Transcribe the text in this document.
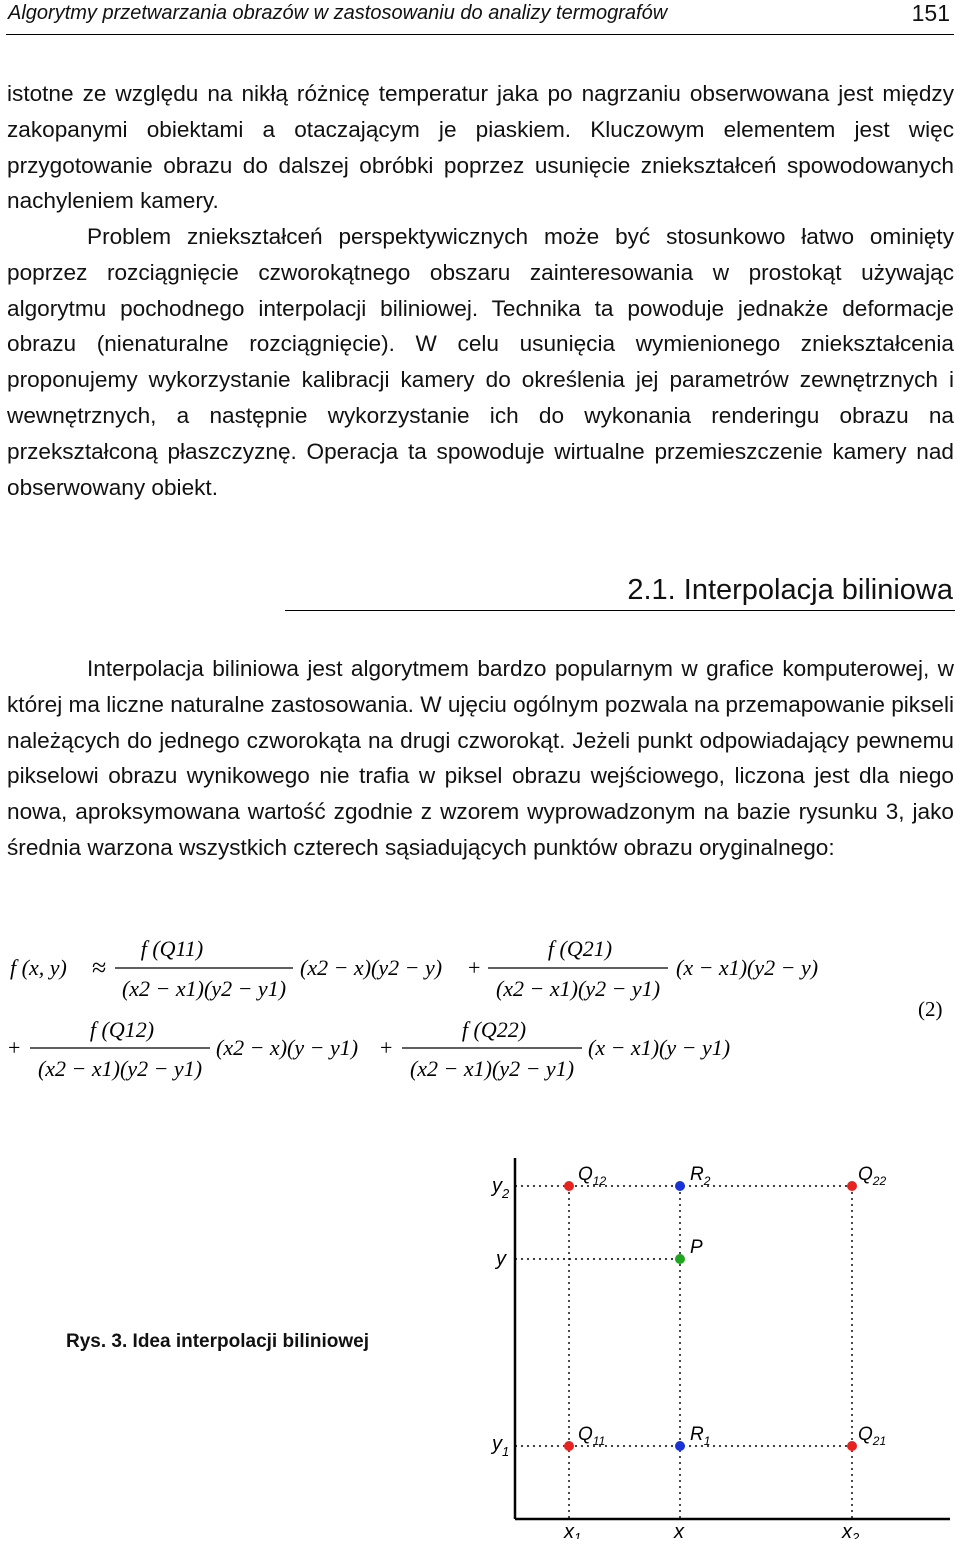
Algorytmy przetwarzania obrazów w zastosowaniu do analizy termografów	151

istotne ze względu na nikłą różnicę temperatur jaka po nagrzaniu obserwowana jest między zakopanymi obiektami a otaczającym je piaskiem. Kluczowym elementem jest więc przygotowanie obrazu do dalszej obróbki poprzez usunięcie zniekształceń spowodowanych nachyleniem kamery.

Problem zniekształceń perspektywicznych może być stosunkowo łatwo ominięty poprzez rozciągnięcie czworokątnego obszaru zainteresowania w prostokąt używając algorytmu pochodnego interpolacji biliniowej. Technika ta powoduje jednakże deformacje obrazu (nienaturalne rozciągnięcie). W celu usunięcia wymienionego zniekształcenia proponujemy wykorzystanie kalibracji kamery do określenia jej parametrów zewnętrznych i wewnętrznych, a następnie wykorzystanie ich do wykonania renderingu obrazu na przekształconą płaszczyznę. Operacja ta spowoduje wirtualne przemieszczenie kamery nad obserwowany obiekt.

2.1. Interpolacja biliniowa

Interpolacja biliniowa jest algorytmem bardzo popularnym w grafice komputerowej, w której ma liczne naturalne zastosowania. W ujęciu ogólnym pozwala na przemapowanie pikseli należących do jednego czworokąta na drugi czworokąt. Jeżeli punkt odpowiadający pewnemu pikselowi obrazu wynikowego nie trafia w piksel obrazu wejściowego, liczona jest dla niego nowa, aproksymowana wartość zgodnie z wzorem wyprowadzonym na bazie rysunku 3, jako średnia warzona wszystkich czterech sąsiadujących punktów obrazu oryginalnego:

f (x, y) ≈
f (Q11)
(x2 − x1)(y2 − y1)
(x2 − x)(y2 − y) +
f (Q21)
(x2 − x1)(y2 − y1)
(x − x1)(y2 − y)
+
f (Q12)
(x2 − x1)(y2 − y1)
(x2 − x)(y − y1) +
f (Q22)
(x2 − x1)(y2 − y1)
(x − x1)(y − y1)
(2)
$y_2$
y
$y_1$
$x_1$	x	$x_2$
$Q_{12}$	$R_2$	$Q_{22}$
P
$Q_{11}$	$R_1$	$Q_{21}$
Rys. 3. Idea interpolacji biliniowej
